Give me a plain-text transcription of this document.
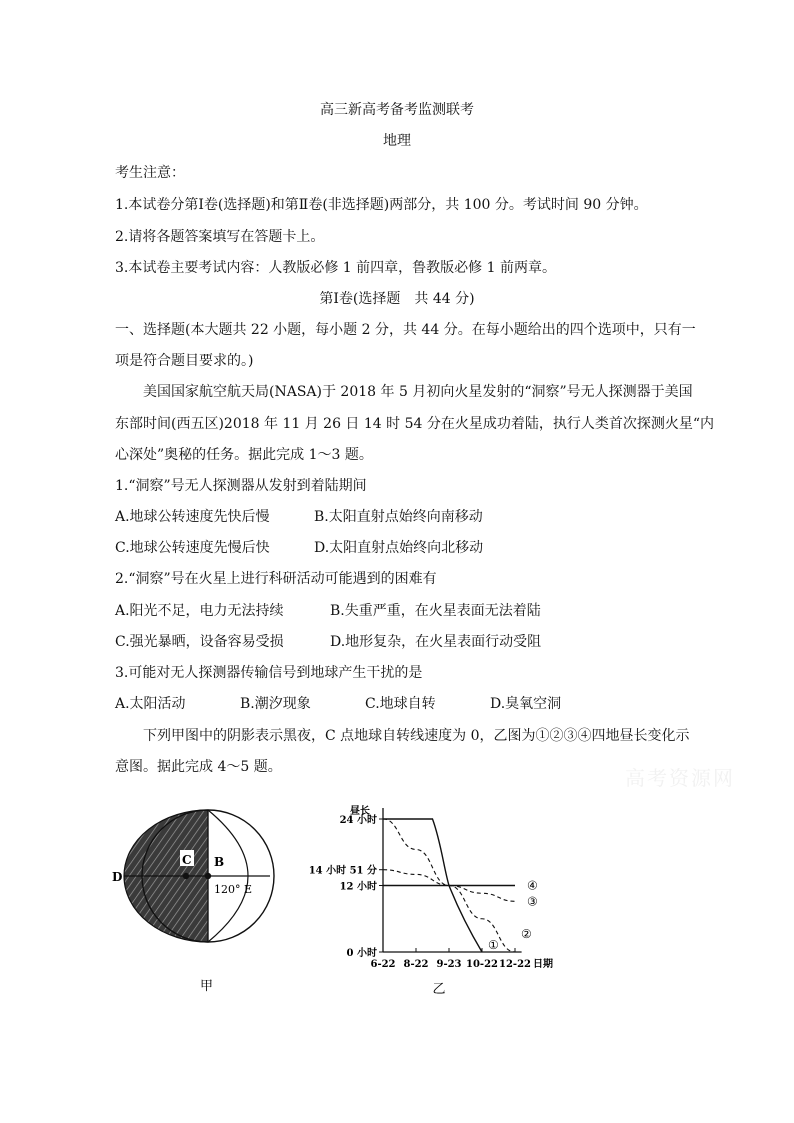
高三新高考备考监测联考
地理
考生注意：
1.本试卷分第Ⅰ卷(选择题)和第Ⅱ卷(非选择题)两部分，共 100 分。考试时间 90 分钟。
2.请将各题答案填写在答题卡上。
3.本试卷主要考试内容：人教版必修 1 前四章，鲁教版必修 1 前两章。
第Ⅰ卷(选择题　共 44 分)
一、选择题(本大题共 22 小题，每小题 2 分，共 44 分。在每小题给出的四个选项中，只有一
项是符合题目要求的。)
美国国家航空航天局(NASA)于 2018 年 5 月初向火星发射的“洞察”号无人探测器于美国
东部时间(西五区)2018 年 11 月 26 日 14 时 54 分在火星成功着陆，执行人类首次探测火星“内
心深处”奥秘的任务。据此完成 1～3 题。
1.“洞察”号无人探测器从发射到着陆期间
A.地球公转速度先快后慢	B.太阳直射点始终向南移动
C.地球公转速度先慢后快	D.太阳直射点始终向北移动
2.“洞察”号在火星上进行科研活动可能遇到的困难有
A.阳光不足，电力无法持续	B.失重严重，在火星表面无法着陆
C.强光暴晒，设备容易受损	D.地形复杂，在火星表面行动受阻
3.可能对无人探测器传输信号到地球产生干扰的是
A.太阳活动	B.潮汐现象	C.地球自转	D.臭氧空洞
下列甲图中的阴影表示黑夜，C 点地球自转线速度为 0，乙图为①②③④四地昼长变化示
意图。据此完成 4～5 题。	高考资源网
C B
D
120° E
甲
昼长
24 小时
14 小时 51 分
12 小时
0 小时
6-22 8-22 9-23 10-22 12-22 日期
①
②
③
④
乙
